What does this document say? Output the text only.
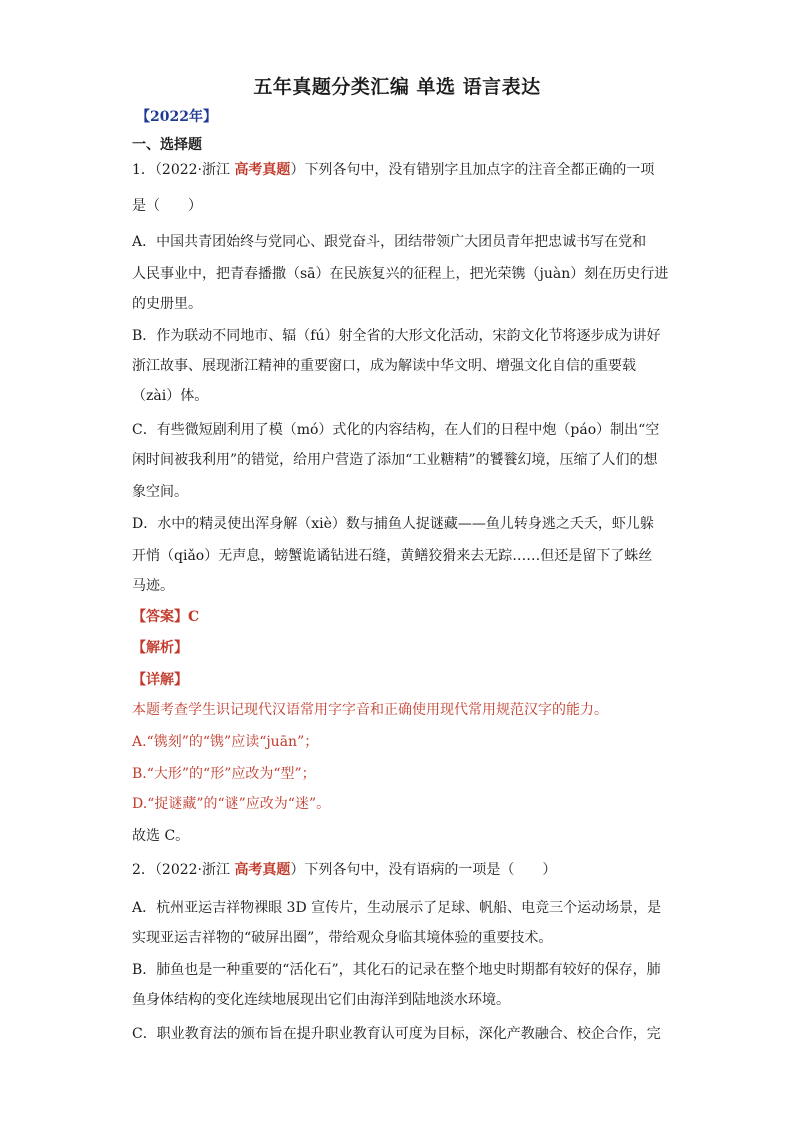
五年真题分类汇编 单选 语言表达
【2022年】
一、选择题
1．（2022·浙江 高考真题）下列各句中，没有错别字且加点字的注音全都正确的一项
是（　　）
A．中国共青团始终与党同心、跟党奋斗，团结带领广大团员青年把忠诚书写在党和
人民事业中，把青春播撒（sā）在民族复兴的征程上，把光荣镌（juàn）刻在历史行进
的史册里。
B．作为联动不同地市、辐（fú）射全省的大形文化活动，宋韵文化节将逐步成为讲好
浙江故事、展现浙江精神的重要窗口，成为解读中华文明、增强文化自信的重要载
（zài）体。
C．有些微短剧利用了模（mó）式化的内容结构，在人们的日程中炮（páo）制出“空
闲时间被我利用”的错觉，给用户营造了添加“工业糖精”的饕餮幻境，压缩了人们的想
象空间。
D．水中的精灵使出浑身解（xiè）数与捕鱼人捉谜藏——鱼儿转身逃之夭夭，虾儿躲
开悄（qiǎo）无声息，螃蟹诡谲钻进石缝，黄鳝狡猾来去无踪……但还是留下了蛛丝
马迹。
【答案】C
【解析】
【详解】
本题考查学生识记现代汉语常用字字音和正确使用现代常用规范汉字的能力。
A.“镌刻”的“镌”应读“juān”；
B.“大形”的“形”应改为“型”；
D.“捉谜藏”的“谜”应改为“迷”。
故选 C。
2．（2022·浙江 高考真题）下列各句中，没有语病的一项是（　　）
A．杭州亚运吉祥物裸眼 3D 宣传片，生动展示了足球、帆船、电竞三个运动场景，是
实现亚运吉祥物的“破屏出圈”，带给观众身临其境体验的重要技术。
B．肺鱼也是一种重要的“活化石”，其化石的记录在整个地史时期都有较好的保存，肺
鱼身体结构的变化连续地展现出它们由海洋到陆地淡水环境。
C．职业教育法的颁布旨在提升职业教育认可度为目标，深化产教融合、校企合作，完
